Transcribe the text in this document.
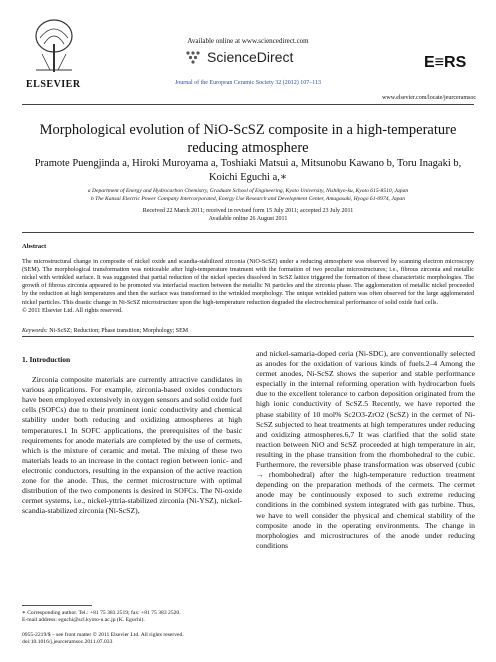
ELSEVIER
Available online at www.sciencedirect.com
ScienceDirect
Journal of the European Ceramic Society 32 (2012) 107–113
E≡RS
www.elsevier.com/locate/jeurceramsoc
Morphological evolution of NiO-ScSZ composite in a high-temperature
reducing atmosphere
Pramote Puengjinda a, Hiroki Muroyama a, Toshiaki Matsui a, Mitsunobu Kawano b, Toru Inagaki b,
Koichi Eguchi a,∗
a Department of Energy and Hydrocarbon Chemistry, Graduate School of Engineering, Kyoto University, Nishikyo-ku, Kyoto 615-8510, Japan
b The Kansai Electric Power Company Intercorporated, Energy Use Research and Development Center, Amagasaki, Hyogo 61-0974, Japan
Received 22 March 2011; received in revised form 15 July 2011; accepted 23 July 2011
Available online 26 August 2011
Abstract

The microstructural change in composite of nickel oxide and scandia-stabilized zirconia (NiO-ScSZ) under a reducing atmosphere was observed by scanning electron microscopy (SEM). The morphological transformation was noticeable after high-temperature treatment with the formation of two peculiar microstructures; i.e., fibrous zirconia and metallic nickel with wrinkled surface. It was suggested that partial reduction of the nickel species dissolved in ScSZ lattice triggered the formation of these characteristic morphologies. The growth of fibrous zirconia appeared to be promoted via interfacial reaction between the metallic Ni particles and the zirconia phase. The agglomeration of metallic nickel proceeded by the reduction at high temperatures and then the surface was transformed to the wrinkled morphology. The unique wrinkled pattern was often observed for the large agglomerated nickel particles. This drastic change in Ni-ScSZ microstructure upon the high-temperature reduction degraded the electrochemical performance of solid oxide fuel cells.

© 2011 Elsevier Ltd. All rights reserved.

Keywords: Ni-ScSZ; Reduction; Phase transition; Morphology; SEM
1. Introduction

Zirconia composite materials are currently attractive candidates in various applications. For example, zirconia-based oxides conductors have been employed extensively in oxygen sensors and solid oxide fuel cells (SOFCs) due to their prominent ionic conductivity and chemical stability under both reducing and oxidizing atmospheres at high temperatures.1 In SOFC applications, the prerequisites of the basic requirements for anode materials are completed by the use of cermets, which is the mixture of ceramic and metal. The mixing of these two materials leads to an increase in the contact region between ionic- and electronic conductors, resulting in the expansion of the active reaction zone for the anode. Thus, the cermet microstructure with optimal distribution of the two components is desired in SOFCs. The Ni-oxide cermet systems, i.e., nickel-yttria-stabilized zirconia (Ni-YSZ), nickel-scandia-stabilized zirconia (Ni-ScSZ),

and nickel-samaria-doped ceria (Ni-SDC), are conventionally selected as anodes for the oxidation of various kinds of fuels.2–4 Among the cermet anodes, Ni-ScSZ shows the superior and stable performance especially in the internal reforming operation with hydrocarbon fuels due to the excellent tolerance to carbon deposition originated from the high ionic conductivity of ScSZ.5 Recently, we have reported the phase stability of 10 mol% Sc2O3-ZrO2 (ScSZ) in the cermet of Ni-ScSZ subjected to heat treatments at high temperatures under reducing and oxidizing atmospheres.6,7 It was clarified that the solid state reaction between NiO and ScSZ proceeded at high temperature in air, resulting in the phase transition from the rhombohedral to the cubic. Furthermore, the reversible phase transformation was observed (cubic → rhombohedral) after the high-temperature reduction treatment depending on the preparation methods of the cermets. The cermet anode may be continuously exposed to such extreme reducing conditions in the combined system integrated with gas turbine. Thus, we have to well consider the physical and chemical stability of the composite anode in the operating environments. The change in morphologies and microstructures of the anode under reducing conditions

∗ Corresponding author. Tel.: +81 75 383 2519; fax: +81 75 383 2520.
E-mail address: eguchi@scl.kyoto-u.ac.jp (K. Eguchi).
0955-2219/$ – see front matter © 2011 Elsevier Ltd. All rights reserved.
doi:10.1016/j.jeurceramsoc.2011.07.033
